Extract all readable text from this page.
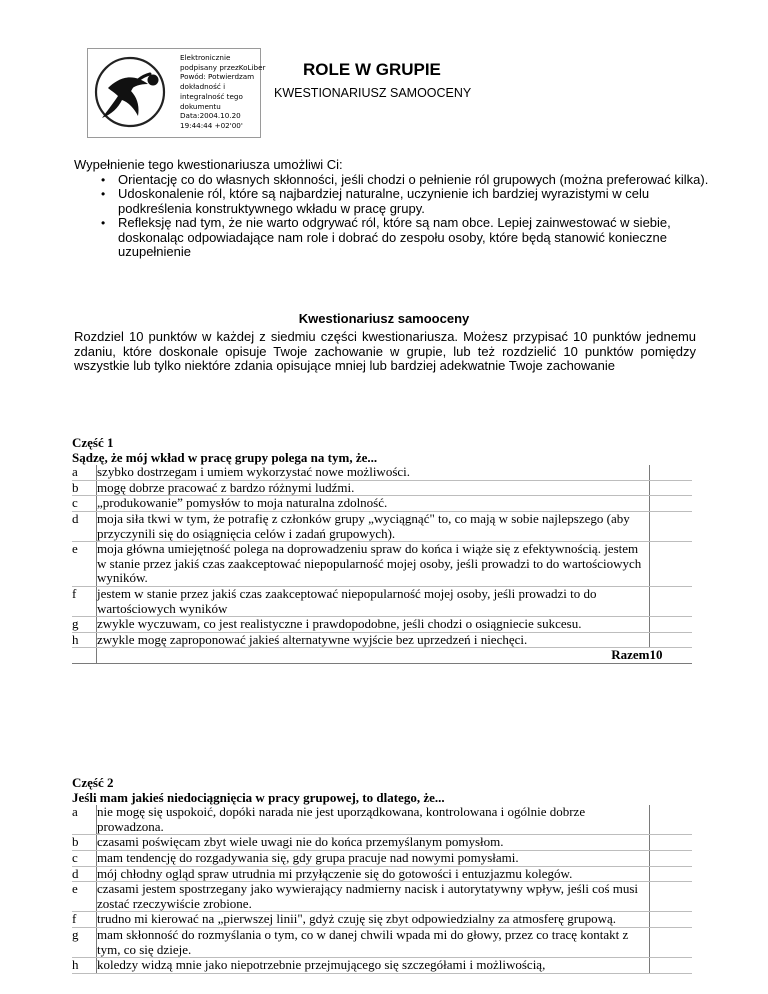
Elektronicznie
podpisany przezKoLiber
Powód: Potwierdzam
dokładność i
integralność tego
dokumentu
Data:2004.10.20
19:44:44 +02'00'
ROLE W GRUPIE
KWESTIONARIUSZ SAMOOCENY
Wypełnienie tego kwestionariusza umożliwi Ci:
• Orientację co do własnych skłonności, jeśli chodzi o pełnienie ról grupowych (można preferować kilka).
• Udoskonalenie ról, które są najbardziej naturalne, uczynienie ich bardziej wyrazistymi w celu podkreślenia konstruktywnego wkładu w pracę grupy.
• Refleksję nad tym, że nie warto odgrywać ról, które są nam obce. Lepiej zainwestować w siebie, doskonaląc odpowiadające nam role i dobrać do zespołu osoby, które będą stanowić konieczne uzupełnienie
Kwestionariusz samooceny

Rozdziel 10 punktów w każdej z siedmiu części kwestionariusza. Możesz przypisać 10 punktów jednemu zdaniu, które doskonale opisuje Twoje zachowanie w grupie, lub też rozdzielić 10 punktów pomiędzy wszystkie lub tylko niektóre zdania opisujące mniej lub bardziej adekwatnie Twoje zachowanie

Część 1
Sądzę, że mój wkład w pracę grupy polega na tym, że...
a	szybko dostrzegam i umiem wykorzystać nowe możliwości.	
b	mogę dobrze pracować z bardzo różnymi ludźmi.	
c	„produkowanie” pomysłów to moja naturalna zdolność.	
d	moja siła tkwi w tym, że potrafię z członków grupy „wyciągnąć" to, co mają w sobie najlepszego (aby przyczynili się do osiągnięcia celów i zadań grupowych).	
e	moja główna umiejętność polega na doprowadzeniu spraw do końca i wiąże się z efektywnością. jestem w stanie przez jakiś czas zaakceptować niepopularność mojej osoby, jeśli prowadzi to do wartościowych wyników.	
f	jestem w stanie przez jakiś czas zaakceptować niepopularność mojej osoby, jeśli prowadzi to do wartościowych wyników	
g	zwykle wyczuwam, co jest realistyczne i prawdopodobne, jeśli chodzi o osiągniecie sukcesu.	
h	zwykle mogę zaproponować jakieś alternatywne wyjście bez uprzedzeń i niechęci.	
	Razem	10
Część 2
Jeśli mam jakieś niedociągnięcia w pracy grupowej, to dlatego, że...
a	nie mogę się uspokoić, dopóki narada nie jest uporządkowana, kontrolowana i ogólnie dobrze prowadzona.	
b	czasami poświęcam zbyt wiele uwagi nie do końca przemyślanym pomysłom.	
c	mam tendencję do rozgadywania się, gdy grupa pracuje nad nowymi pomysłami.	
d	mój chłodny ogląd spraw utrudnia mi przyłączenie się do gotowości i entuzjazmu kolegów.	
e	czasami jestem spostrzegany jako wywierający nadmierny nacisk i autorytatywny wpływ, jeśli coś musi zostać rzeczywiście zrobione.	
f	trudno mi kierować na „pierwszej linii", gdyż czuję się zbyt odpowiedzialny za atmosferę grupową.	
g	mam skłonność do rozmyślania o tym, co w danej chwili wpada mi do głowy, przez co tracę kontakt z tym, co się dzieje.	
h	koledzy widzą mnie jako niepotrzebnie przejmującego się szczegółami i możliwością,	
